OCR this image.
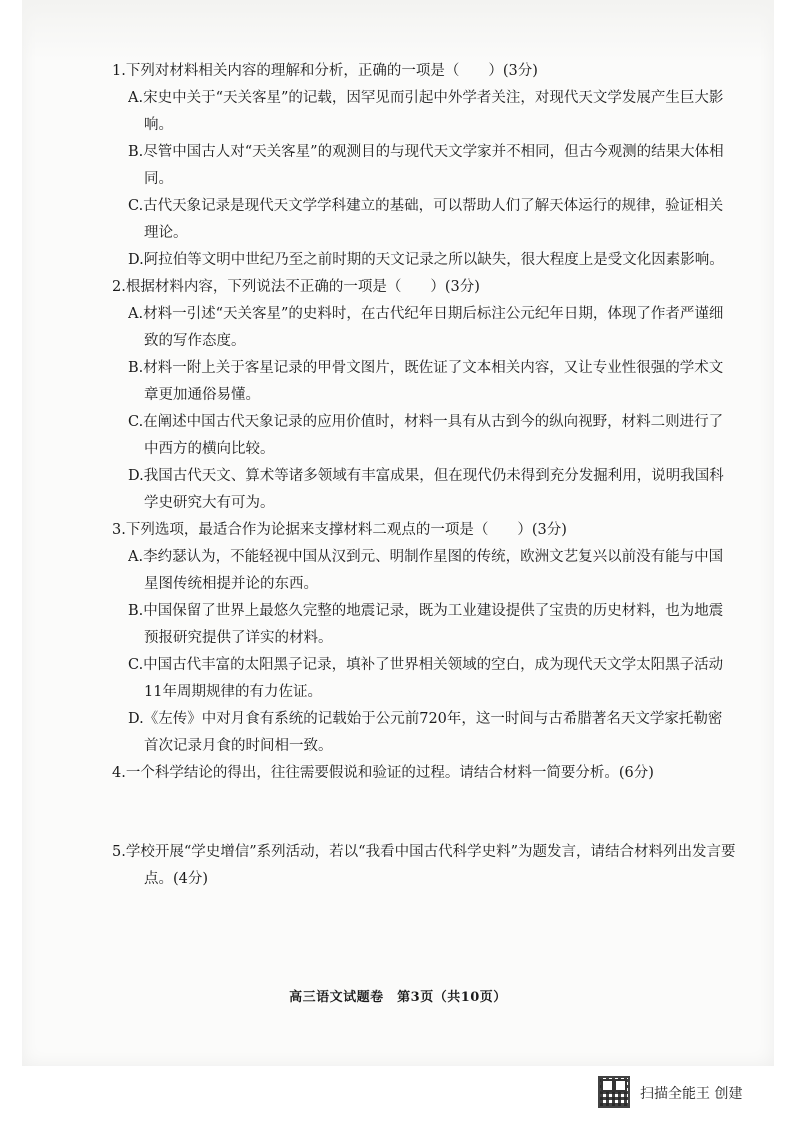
1.下列对材料相关内容的理解和分析，正确的一项是（　　）(3分)
A.宋史中关于“天关客星”的记载，因罕见而引起中外学者关注，对现代天文学发展产生巨大影
响。
B.尽管中国古人对“天关客星”的观测目的与现代天文学家并不相同，但古今观测的结果大体相
同。
C.古代天象记录是现代天文学学科建立的基础，可以帮助人们了解天体运行的规律，验证相关
理论。
D.阿拉伯等文明中世纪乃至之前时期的天文记录之所以缺失，很大程度上是受文化因素影响。
2.根据材料内容，下列说法不正确的一项是（　　）(3分)
A.材料一引述“天关客星”的史料时，在古代纪年日期后标注公元纪年日期，体现了作者严谨细
致的写作态度。
B.材料一附上关于客星记录的甲骨文图片，既佐证了文本相关内容，又让专业性很强的学术文
章更加通俗易懂。
C.在阐述中国古代天象记录的应用价值时，材料一具有从古到今的纵向视野，材料二则进行了
中西方的横向比较。
D.我国古代天文、算术等诸多领域有丰富成果，但在现代仍未得到充分发掘利用，说明我国科
学史研究大有可为。
3.下列选项，最适合作为论据来支撑材料二观点的一项是（　　）(3分)
A.李约瑟认为，不能轻视中国从汉到元、明制作星图的传统，欧洲文艺复兴以前没有能与中国
星图传统相提并论的东西。
B.中国保留了世界上最悠久完整的地震记录，既为工业建设提供了宝贵的历史材料，也为地震
预报研究提供了详实的材料。
C.中国古代丰富的太阳黑子记录，填补了世界相关领域的空白，成为现代天文学太阳黑子活动
11年周期规律的有力佐证。
D.《左传》中对月食有系统的记载始于公元前720年，这一时间与古希腊著名天文学家托勒密
首次记录月食的时间相一致。
4.一个科学结论的得出，往往需要假说和验证的过程。请结合材料一简要分析。(6分)
5.学校开展“学史增信”系列活动，若以“我看中国古代科学史料”为题发言，请结合材料列出发言要
点。(4分)
高三语文试题卷　第3页（共10页）
扫描全能王 创建
